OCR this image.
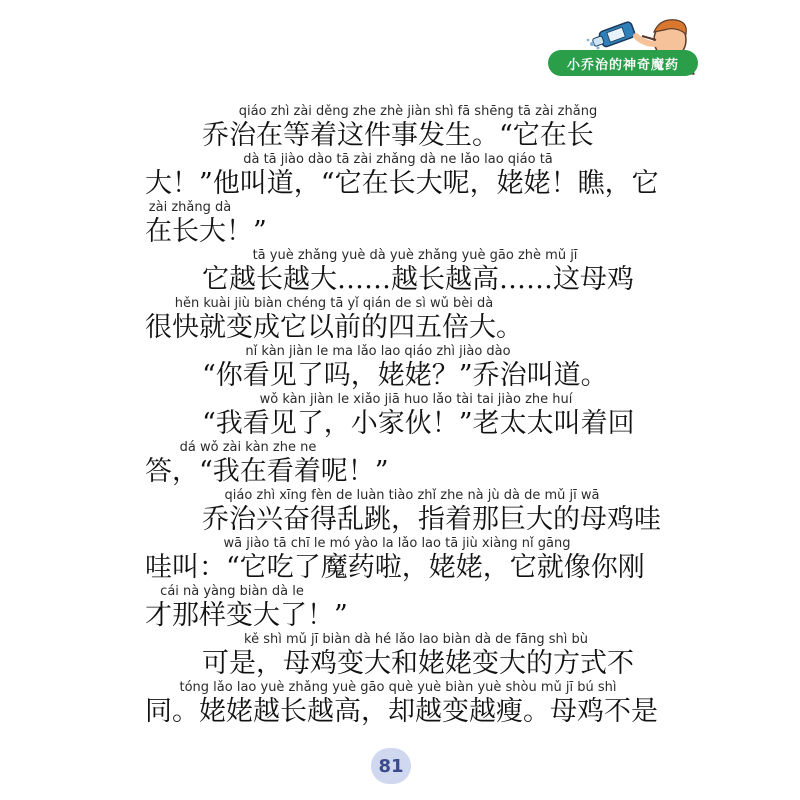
小乔治的神奇魔药
　乔治在等着这件事发生。“它在长
大！”他叫道，“它在长大呢，姥姥！瞧，它
在长大！”
　它越长越大……越长越高……这母鸡
很快就变成它以前的四五倍大。
　“你看见了吗，姥姥？”乔治叫道。
　“我看见了，小家伙！”老太太叫着回
答，“我在看着呢！”
　乔治兴奋得乱跳，指着那巨大的母鸡哇
哇叫：“它吃了魔药啦，姥姥，它就像你刚
才那样变大了！”
　可是，母鸡变大和姥姥变大的方式不
同。姥姥越长越高，却越变越瘦。母鸡不是
qiáo zhì zài děng zhe zhè jiàn shì fā shēng tā zài zhǎng
dà tā jiào dào tā zài zhǎng dà ne lǎo lao qiáo tā
zài zhǎng dà
tā yuè zhǎng yuè dà yuè zhǎng yuè gāo zhè mǔ jī
hěn kuài jiù biàn chéng tā yǐ qián de sì wǔ bèi dà
nǐ kàn jiàn le ma lǎo lao qiáo zhì jiào dào
wǒ kàn jiàn le xiǎo jiā huo lǎo tài tai jiào zhe huí
dá wǒ zài kàn zhe ne
qiáo zhì xīng fèn de luàn tiào zhǐ zhe nà jù dà de mǔ jī wā
wā jiào tā chī le mó yào la lǎo lao tā jiù xiàng nǐ gāng
cái nà yàng biàn dà le
kě shì mǔ jī biàn dà hé lǎo lao biàn dà de fāng shì bù
tóng lǎo lao yuè zhǎng yuè gāo què yuè biàn yuè shòu mǔ jī bú shì
81
